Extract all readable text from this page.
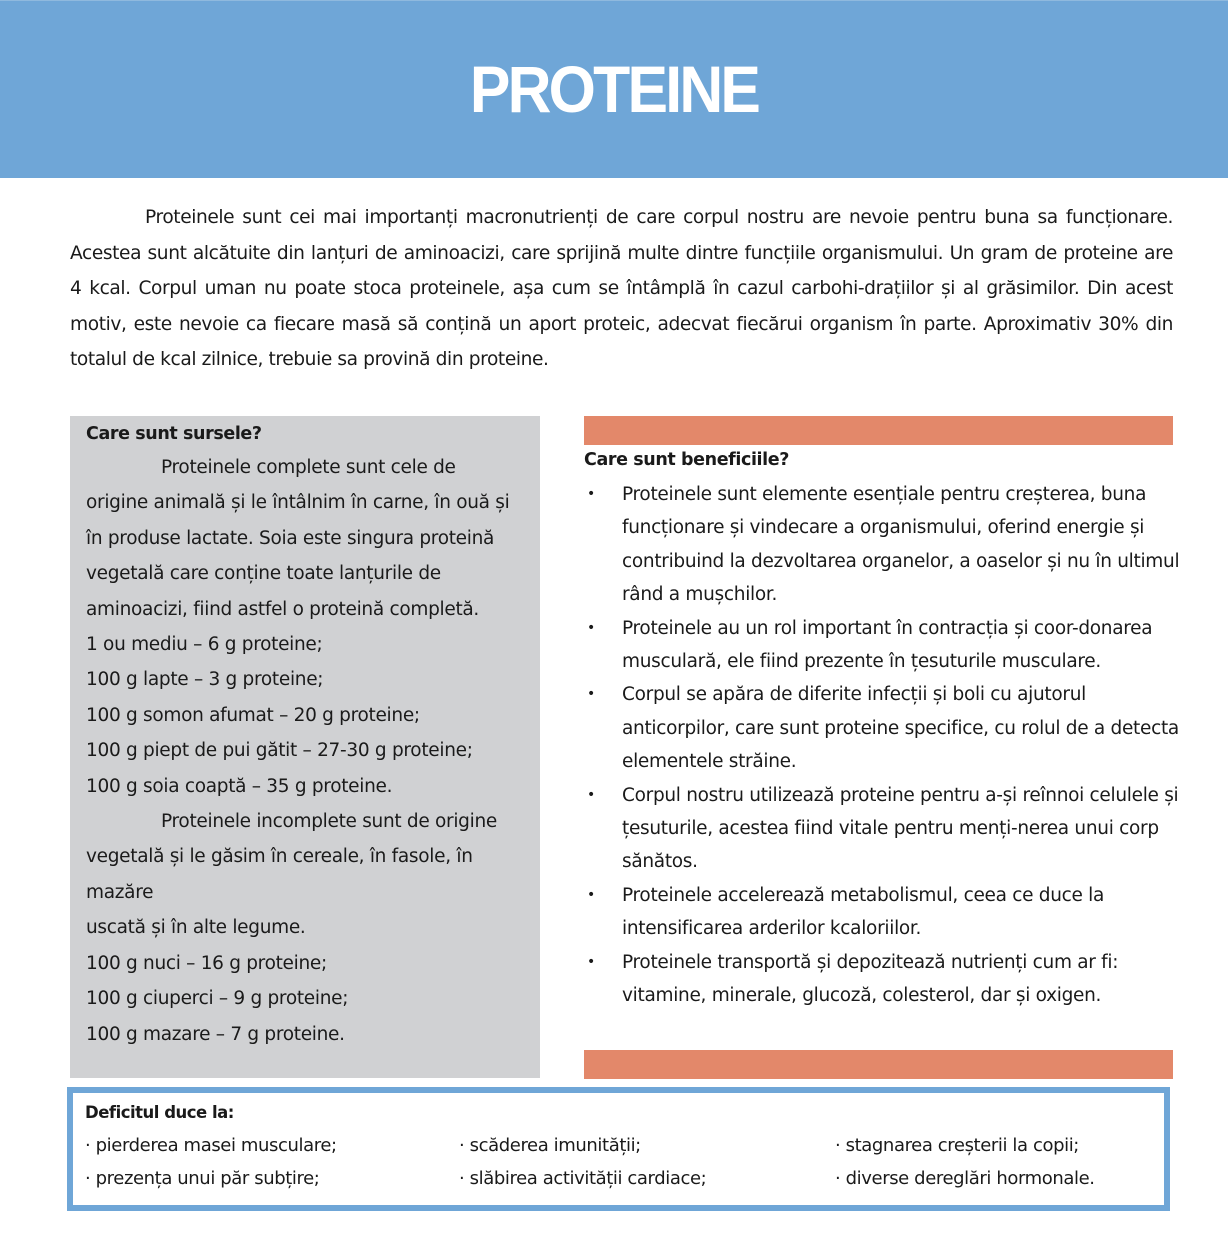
PROTEINE

Proteinele sunt cei mai importanți macronutrienți de care corpul nostru are nevoie pentru buna sa funcționare. Acestea sunt alcătuite din lanțuri de aminoacizi, care sprijină multe dintre funcțiile organismului. Un gram de proteine are 4 kcal. Corpul uman nu poate stoca proteinele, așa cum se întâmplă în cazul carbohi-drațiilor și al grăsimilor. Din acest motiv, este nevoie ca fiecare masă să conțină un aport proteic, adecvat fiecărui organism în parte. Aproximativ 30% din totalul de kcal zilnice, trebuie sa provină din proteine.

Care sunt sursele?
Proteinele complete sunt cele de
origine animală și le întâlnim în carne, în ouă și
în produse lactate. Soia este singura proteină
vegetală care conține toate lanțurile de
aminoacizi, fiind astfel o proteină completă.
1 ou mediu – 6 g proteine;
100 g lapte – 3 g proteine;
100 g somon afumat – 20 g proteine;
100 g piept de pui gătit – 27-30 g proteine;
100 g soia coaptă – 35 g proteine.
Proteinele incomplete sunt de origine
vegetală și le găsim în cereale, în fasole, în
mazăre
uscată și în alte legume.
100 g nuci – 16 g proteine;
100 g ciuperci – 9 g proteine;
100 g mazare – 7 g proteine.
Care sunt beneficiile?
• Proteinele sunt elemente esențiale pentru creșterea, buna funcționare și vindecare a organismului, oferind energie și contribuind la dezvoltarea organelor, a oaselor și nu în ultimul rând a mușchilor.
• Proteinele au un rol important în contracția și coor-donarea musculară, ele fiind prezente în țesuturile musculare.
• Corpul se apăra de diferite infecții și boli cu ajutorul anticorpilor, care sunt proteine specifice, cu rolul de a detecta elementele străine.
• Corpul nostru utilizează proteine pentru a-și reînnoi celulele și țesuturile, acestea fiind vitale pentru menți-nerea unui corp sănătos.
• Proteinele accelerează metabolismul, ceea ce duce la intensificarea arderilor kcaloriilor.
• Proteinele transportă și depozitează nutrienți cum ar fi: vitamine, minerale, glucoză, colesterol, dar și oxigen.
Deficitul duce la:
· pierderea masei musculare;	· scăderea imunității;	· stagnarea creșterii la copii;
· prezența unui păr subțire;	· slăbirea activității cardiace;	· diverse dereglări hormonale.
